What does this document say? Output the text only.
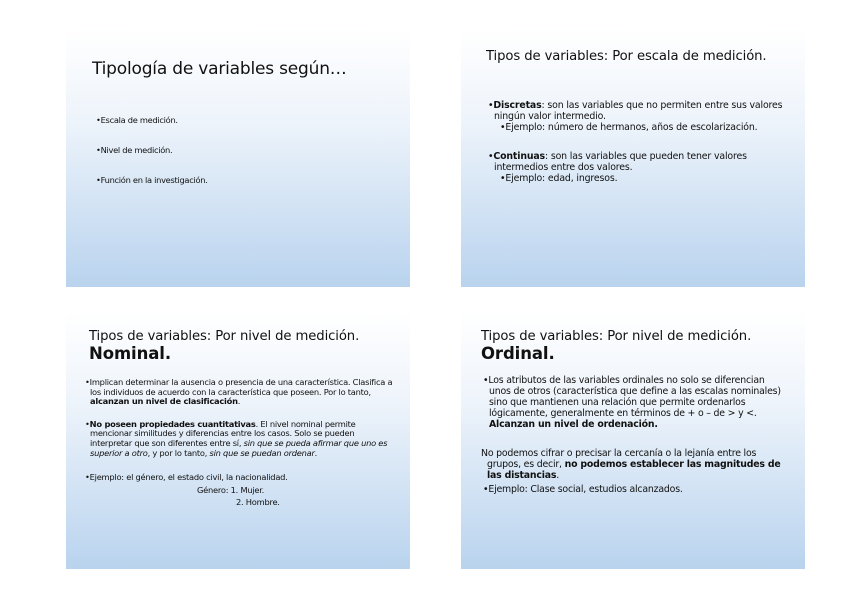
Tipología de variables según…
•Escala de medición.
•Nivel de medición.
•Función en la investigación.
Tipos de variables: Por escala de medición.

•Discretas: son las variables que no permiten entre sus valores ningún valor intermedio.

•Ejemplo: número de hermanos, años de escolarización.

•Continuas: son las variables que pueden tener valores intermedios entre dos valores.

•Ejemplo: edad, ingresos.

Tipos de variables: Por nivel de medición.
Nominal.

•Implican determinar la ausencia o presencia de una característica. Clasifica a los individuos de acuerdo con la característica que poseen. Por lo tanto, alcanzan un nivel de clasificación.

•No poseen propiedades cuantitativas. El nivel nominal permite mencionar similitudes y diferencias entre los casos. Solo se pueden interpretar que son diferentes entre sí, sin que se pueda afirmar que uno es superior a otro, y por lo tanto, sin que se puedan ordenar.

•Ejemplo: el género, el estado civil, la nacionalidad.

Género: 1. Mujer.
2. Hombre.
Tipos de variables: Por nivel de medición.
Ordinal.

•Los atributos de las variables ordinales no solo se diferencian unos de otros (característica que define a las escalas nominales) sino que mantienen una relación que permite ordenarlos lógicamente, generalmente en términos de + o – de > y <. Alcanzan un nivel de ordenación.

No podemos cifrar o precisar la cercanía o la lejanía entre los grupos, es decir, no podemos establecer las magnitudes de las distancias.

•Ejemplo: Clase social, estudios alcanzados.
